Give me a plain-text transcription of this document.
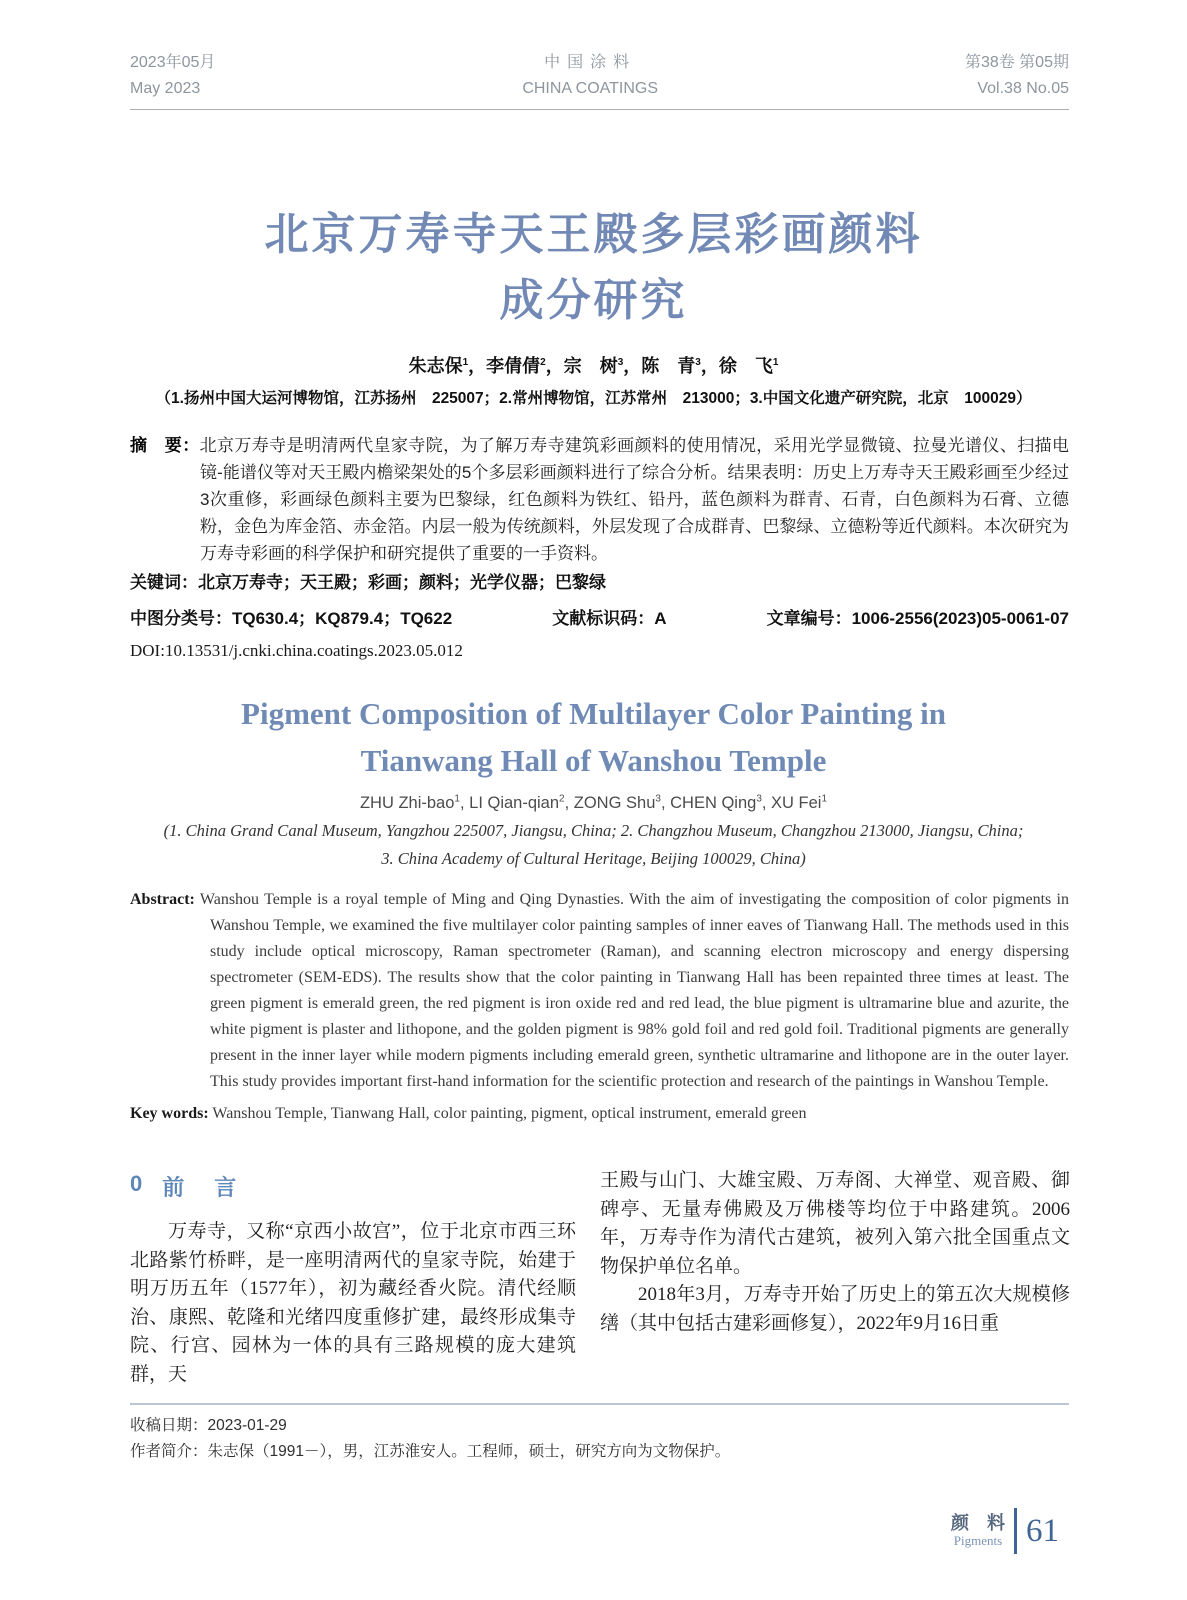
2023年05月
May 2023
中国涂料
CHINA COATINGS
第38卷 第05期
Vol.38 No.05
北京万寿寺天王殿多层彩画颜料
成分研究
朱志保$^1$，李倩倩$^2$，宗　树$^3$，陈　青$^3$，徐　飞$^1$
（1.扬州中国大运河博物馆，江苏扬州　225007；2.常州博物馆，江苏常州　213000；3.中国文化遗产研究院，北京　100029）
摘　要：北京万寿寺是明清两代皇家寺院，为了解万寿寺建筑彩画颜料的使用情况，采用光学显微镜、拉曼光谱仪、扫描电镜-能谱仪等对天王殿内檐梁架处的5个多层彩画颜料进行了综合分析。结果表明：历史上万寿寺天王殿彩画至少经过3次重修，彩画绿色颜料主要为巴黎绿，红色颜料为铁红、铅丹，蓝色颜料为群青、石青，白色颜料为石膏、立德粉，金色为库金箔、赤金箔。内层一般为传统颜料，外层发现了合成群青、巴黎绿、立德粉等近代颜料。本次研究为万寿寺彩画的科学保护和研究提供了重要的一手资料。
关键词：北京万寿寺；天王殿；彩画；颜料；光学仪器；巴黎绿
中图分类号：TQ630.4；KQ879.4；TQ622	文献标识码：A	文章编号：1006-2556(2023)05-0061-07
DOI:10.13531/j.cnki.china.coatings.2023.05.012
Pigment Composition of Multilayer Color Painting in
Tianwang Hall of Wanshou Temple
ZHU Zhi-bao$^1$, LI Qian-qian$^2$, ZONG Shu$^3$, CHEN Qing$^3$, XU Fei$^1$
(1. China Grand Canal Museum, Yangzhou 225007, Jiangsu, China; 2. Changzhou Museum, Changzhou 213000, Jiangsu, China;
3. China Academy of Cultural Heritage, Beijing 100029, China)
Abstract: Wanshou Temple is a royal temple of Ming and Qing Dynasties. With the aim of investigating the composition of color pigments in Wanshou Temple, we examined the five multilayer color painting samples of inner eaves of Tianwang Hall. The methods used in this study include optical microscopy, Raman spectrometer (Raman), and scanning electron microscopy and energy dispersing spectrometer (SEM-EDS). The results show that the color painting in Tianwang Hall has been repainted three times at least. The green pigment is emerald green, the red pigment is iron oxide red and red lead, the blue pigment is ultramarine blue and azurite, the white pigment is plaster and lithopone, and the golden pigment is 98% gold foil and red gold foil. Traditional pigments are generally present in the inner layer while modern pigments including emerald green, synthetic ultramarine and lithopone are in the outer layer. This study provides important first-hand information for the scientific protection and research of the paintings in Wanshou Temple.
Key words: Wanshou Temple, Tianwang Hall, color painting, pigment, optical instrument, emerald green
0 前　言
万寿寺，又称“京西小故宫”，位于北京市西三环北路紫竹桥畔，是一座明清两代的皇家寺院，始建于明万历五年（1577年），初为藏经香火院。清代经顺治、康熙、乾隆和光绪四度重修扩建，最终形成集寺院、行宫、园林为一体的具有三路规模的庞大建筑群，天
王殿与山门、大雄宝殿、万寿阁、大禅堂、观音殿、御碑亭、无量寿佛殿及万佛楼等均位于中路建筑。2006年，万寿寺作为清代古建筑，被列入第六批全国重点文物保护单位名单。
2018年3月，万寿寺开始了历史上的第五次大规模修缮（其中包括古建彩画修复），2022年9月16日重
收稿日期：2023-01-29
作者简介：朱志保（1991－），男，江苏淮安人。工程师，硕士，研究方向为文物保护。
颜　料
Pigments 61
